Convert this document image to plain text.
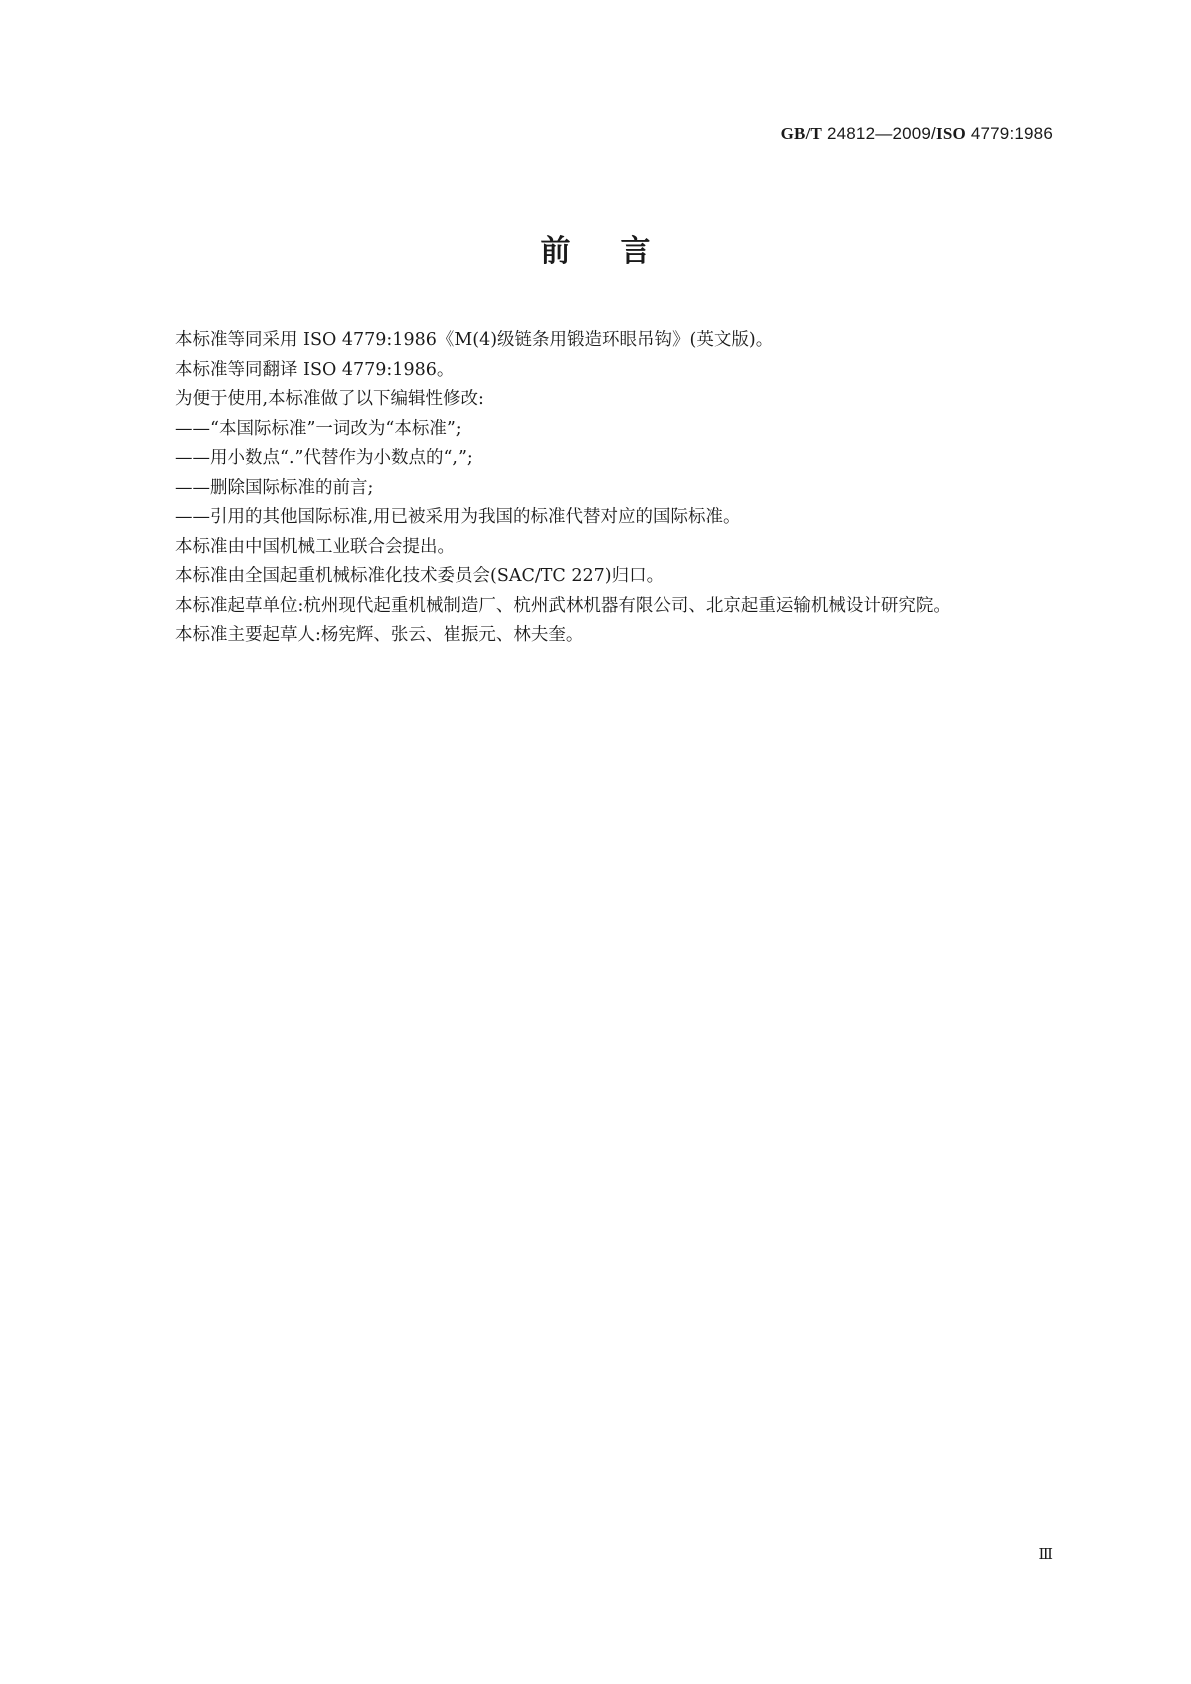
GB/T 24812—2009/ISO 4779:1986
前言

本标准等同采用 ISO 4779:1986《M(4)级链条用锻造环眼吊钩》(英文版)。

本标准等同翻译 ISO 4779:1986。

为便于使用,本标准做了以下编辑性修改:

——“本国际标准”一词改为“本标准”;

——用小数点“.”代替作为小数点的“,”;

——删除国际标准的前言;

——引用的其他国际标准,用已被采用为我国的标准代替对应的国际标准。

本标准由中国机械工业联合会提出。

本标准由全国起重机械标准化技术委员会(SAC/TC 227)归口。

本标准起草单位:杭州现代起重机械制造厂、杭州武林机器有限公司、北京起重运输机械设计研究院。

本标准主要起草人:杨宪辉、张云、崔振元、林夫奎。

Ⅲ
